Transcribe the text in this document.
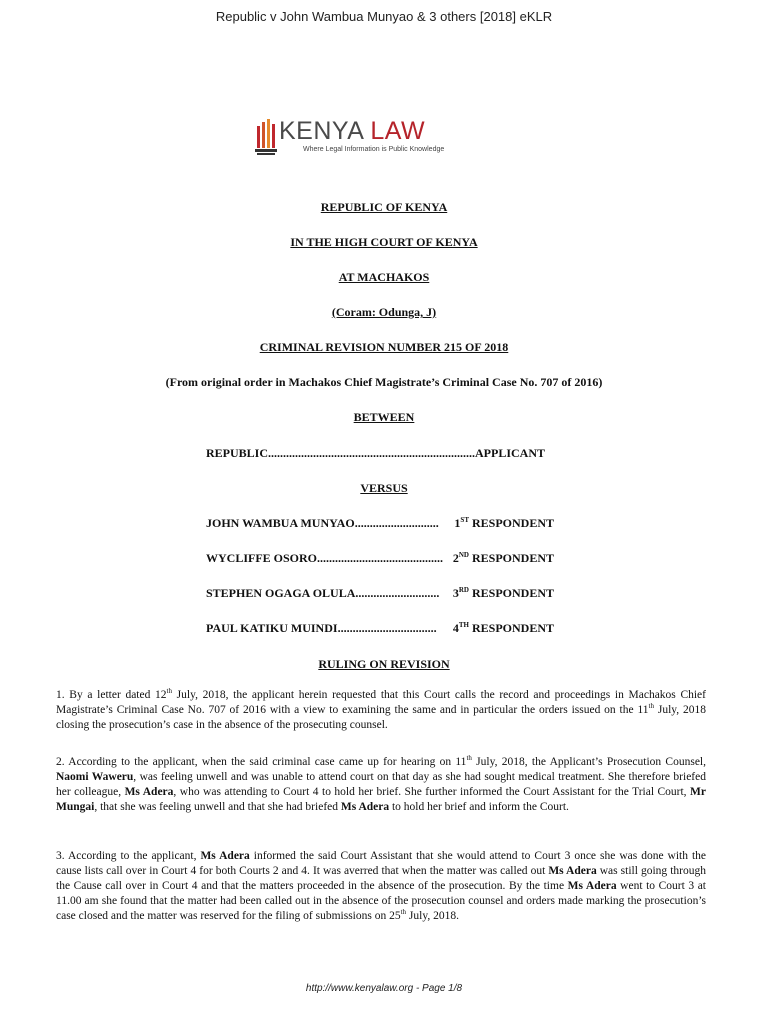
Republic v John Wambua Munyao & 3 others [2018] eKLR
KENYA LAW
Where Legal Information is Public Knowledge
REPUBLIC OF KENYA
IN THE HIGH COURT OF KENYA
AT MACHAKOS
(Coram: Odunga, J)
CRIMINAL REVISION NUMBER 215 OF 2018
(From original order in Machakos Chief Magistrate’s Criminal Case No. 707 of 2016)
BETWEEN
REPUBLIC.....................................................................APPLICANT
VERSUS
JOHN WAMBUA MUNYAO............................ 1ST RESPONDENT
WYCLIFFE OSORO.......................................... 2ND RESPONDENT
STEPHEN OGAGA OLULA............................ 3RD RESPONDENT
PAUL KATIKU MUINDI................................. 4TH RESPONDENT
RULING ON REVISION

1. By a letter dated 12th July, 2018, the applicant herein requested that this Court calls the record and proceedings in Machakos Chief Magistrate’s Criminal Case No. 707 of 2016 with a view to examining the same and in particular the orders issued on the 11th July, 2018 closing the prosecution’s case in the absence of the prosecuting counsel.

2. According to the applicant, when the said criminal case came up for hearing on 11th July, 2018, the Applicant’s Prosecution Counsel, Naomi Waweru, was feeling unwell and was unable to attend court on that day as she had sought medical treatment. She therefore briefed her colleague, Ms Adera, who was attending to Court 4 to hold her brief. She further informed the Court Assistant for the Trial Court, Mr Mungai, that she was feeling unwell and that she had briefed Ms Adera to hold her brief and inform the Court.

3. According to the applicant, Ms Adera informed the said Court Assistant that she would attend to Court 3 once she was done with the cause lists call over in Court 4 for both Courts 2 and 4. It was averred that when the matter was called out Ms Adera was still going through the Cause call over in Court 4 and that the matters proceeded in the absence of the prosecution. By the time Ms Adera went to Court 3 at 11.00 am she found that the matter had been called out in the absence of the prosecution counsel and orders made marking the prosecution’s case closed and the matter was reserved for the filing of submissions on 25th July, 2018.

http://www.kenyalaw.org - Page 1/8
